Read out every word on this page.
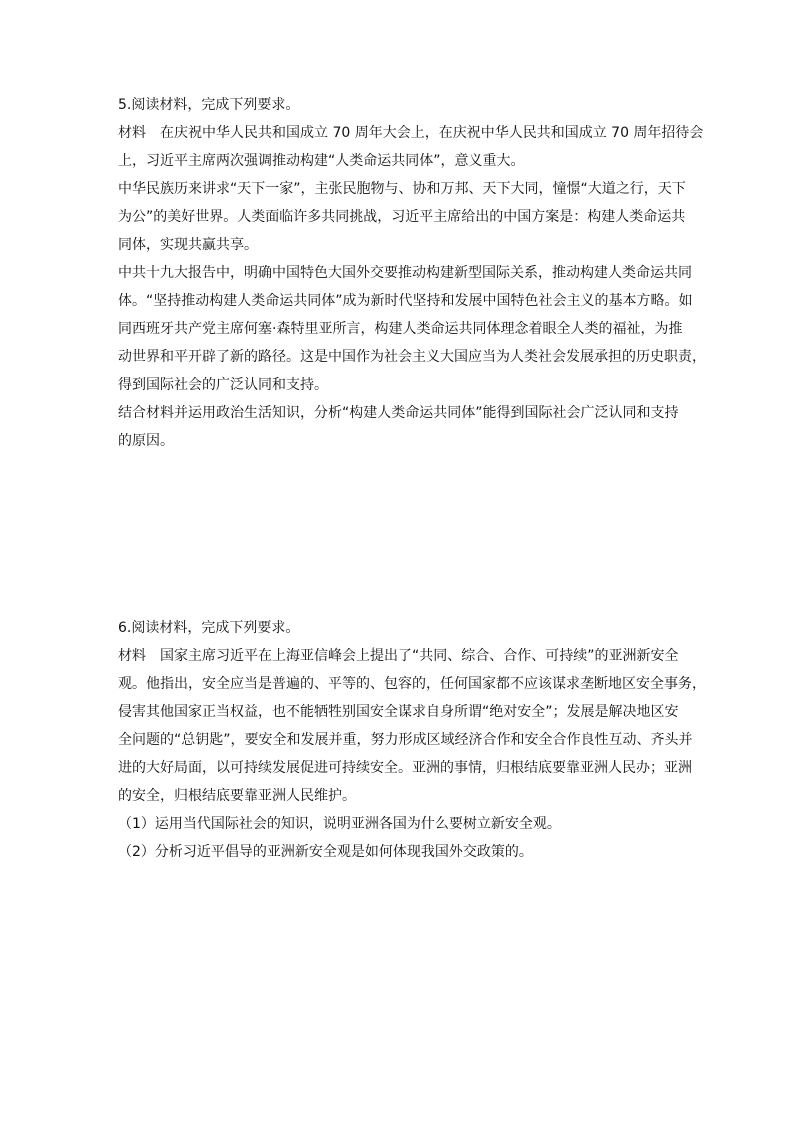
5.阅读材料，完成下列要求。
材料　在庆祝中华人民共和国成立 70 周年大会上，在庆祝中华人民共和国成立 70 周年招待会
上，习近平主席两次强调推动构建“人类命运共同体”，意义重大。
中华民族历来讲求“天下一家”，主张民胞物与、协和万邦、天下大同，憧憬“大道之行，天下
为公”的美好世界。人类面临许多共同挑战，习近平主席给出的中国方案是：构建人类命运共
同体，实现共赢共享。
中共十九大报告中，明确中国特色大国外交要推动构建新型国际关系，推动构建人类命运共同
体。“坚持推动构建人类命运共同体”成为新时代坚持和发展中国特色社会主义的基本方略。如
同西班牙共产党主席何塞·森特里亚所言，构建人类命运共同体理念着眼全人类的福祉，为推
动世界和平开辟了新的路径。这是中国作为社会主义大国应当为人类社会发展承担的历史职责，
得到国际社会的广泛认同和支持。
结合材料并运用政治生活知识，分析“构建人类命运共同体”能得到国际社会广泛认同和支持
的原因。
6.阅读材料，完成下列要求。
材料　国家主席习近平在上海亚信峰会上提出了“共同、综合、合作、可持续”的亚洲新安全
观。他指出，安全应当是普遍的、平等的、包容的，任何国家都不应该谋求垄断地区安全事务，
侵害其他国家正当权益，也不能牺牲别国安全谋求自身所谓“绝对安全”；发展是解决地区安
全问题的“总钥匙”，要安全和发展并重，努力形成区域经济合作和安全合作良性互动、齐头并
进的大好局面，以可持续发展促进可持续安全。亚洲的事情，归根结底要靠亚洲人民办；亚洲
的安全，归根结底要靠亚洲人民维护。
（1）运用当代国际社会的知识，说明亚洲各国为什么要树立新安全观。
（2）分析习近平倡导的亚洲新安全观是如何体现我国外交政策的。
